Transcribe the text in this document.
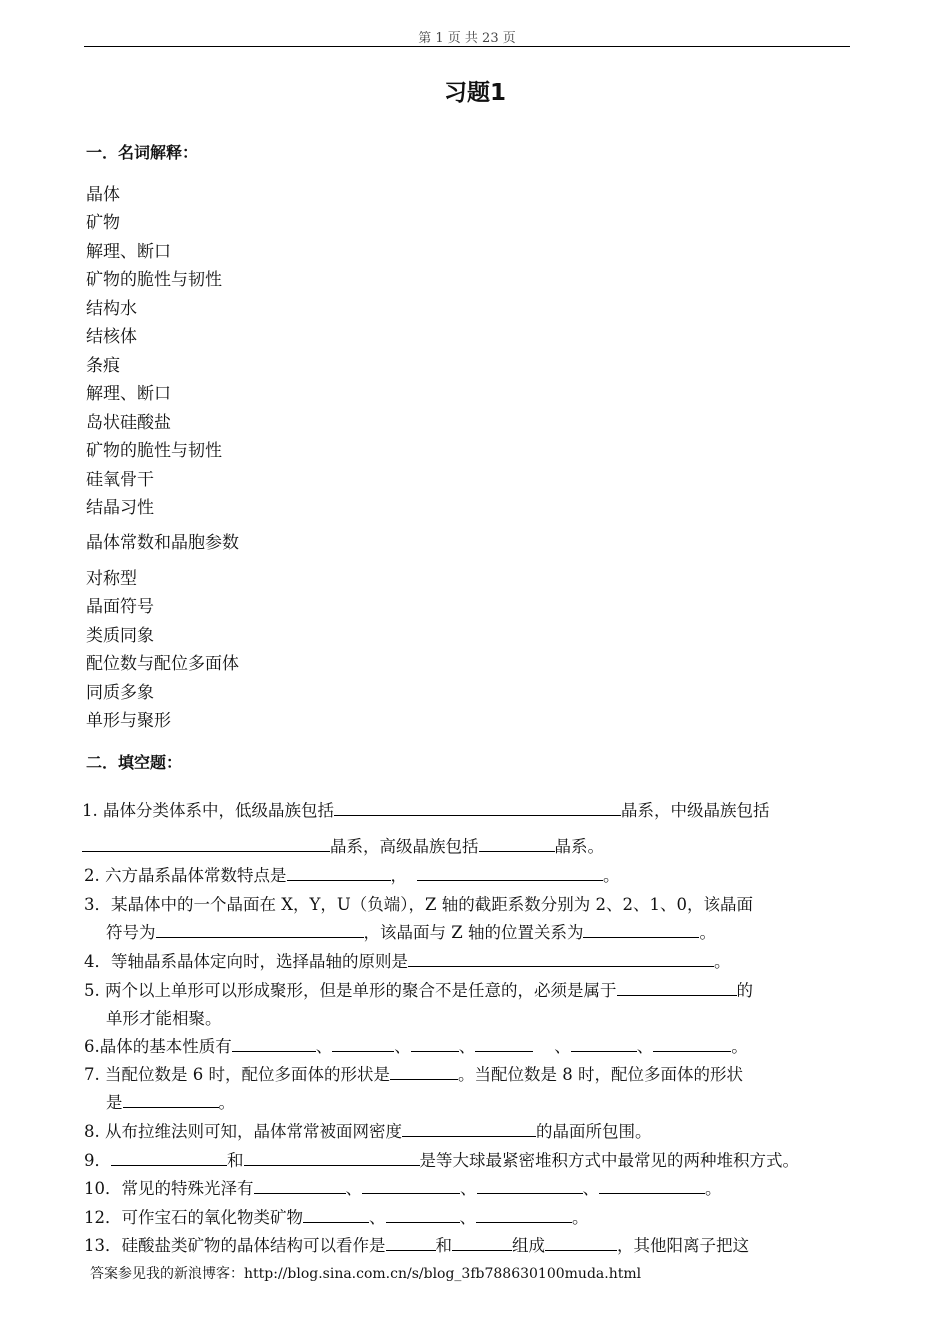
第 1 页 共 23 页
习题1
一．名词解释：
晶体
矿物
解理、断口
矿物的脆性与韧性
结构水
结核体
条痕
解理、断口
岛状硅酸盐
矿物的脆性与韧性
硅氧骨干
结晶习性
晶体常数和晶胞参数
对称型
晶面符号
类质同象
配位数与配位多面体
同质多象
单形与聚形
二．填空题：
1. 晶体分类体系中，低级晶族包括	晶系，中级晶族包括
晶系，高级晶族包括	晶系。
2. 六方晶系晶体常数特点是	，	。
3．某晶体中的一个晶面在 X，Y，U（负端），Z 轴的截距系数分别为 2、2、1、0，该晶面
符号为	，该晶面与 Z 轴的位置关系为	。
4．等轴晶系晶体定向时，选择晶轴的原则是	。
5. 两个以上单形可以形成聚形，但是单形的聚合不是任意的，必须是属于	的
单形才能相聚。
6.晶体的基本性质有	、	、	、	、	、	。
7. 当配位数是 6 时，配位多面体的形状是	。当配位数是 8 时，配位多面体的形状
是	。
8. 从布拉维法则可知，晶体常常被面网密度	的晶面所包围。
9．	和	是等大球最紧密堆积方式中最常见的两种堆积方式。
10．常见的特殊光泽有	、	、	、	。
12．可作宝石的氧化物类矿物	、	、	。
13．硅酸盐类矿物的晶体结构可以看作是	和	组成	，其他阳离子把这
答案参见我的新浪博客：http://blog.sina.com.cn/s/blog_3fb788630100muda.html
